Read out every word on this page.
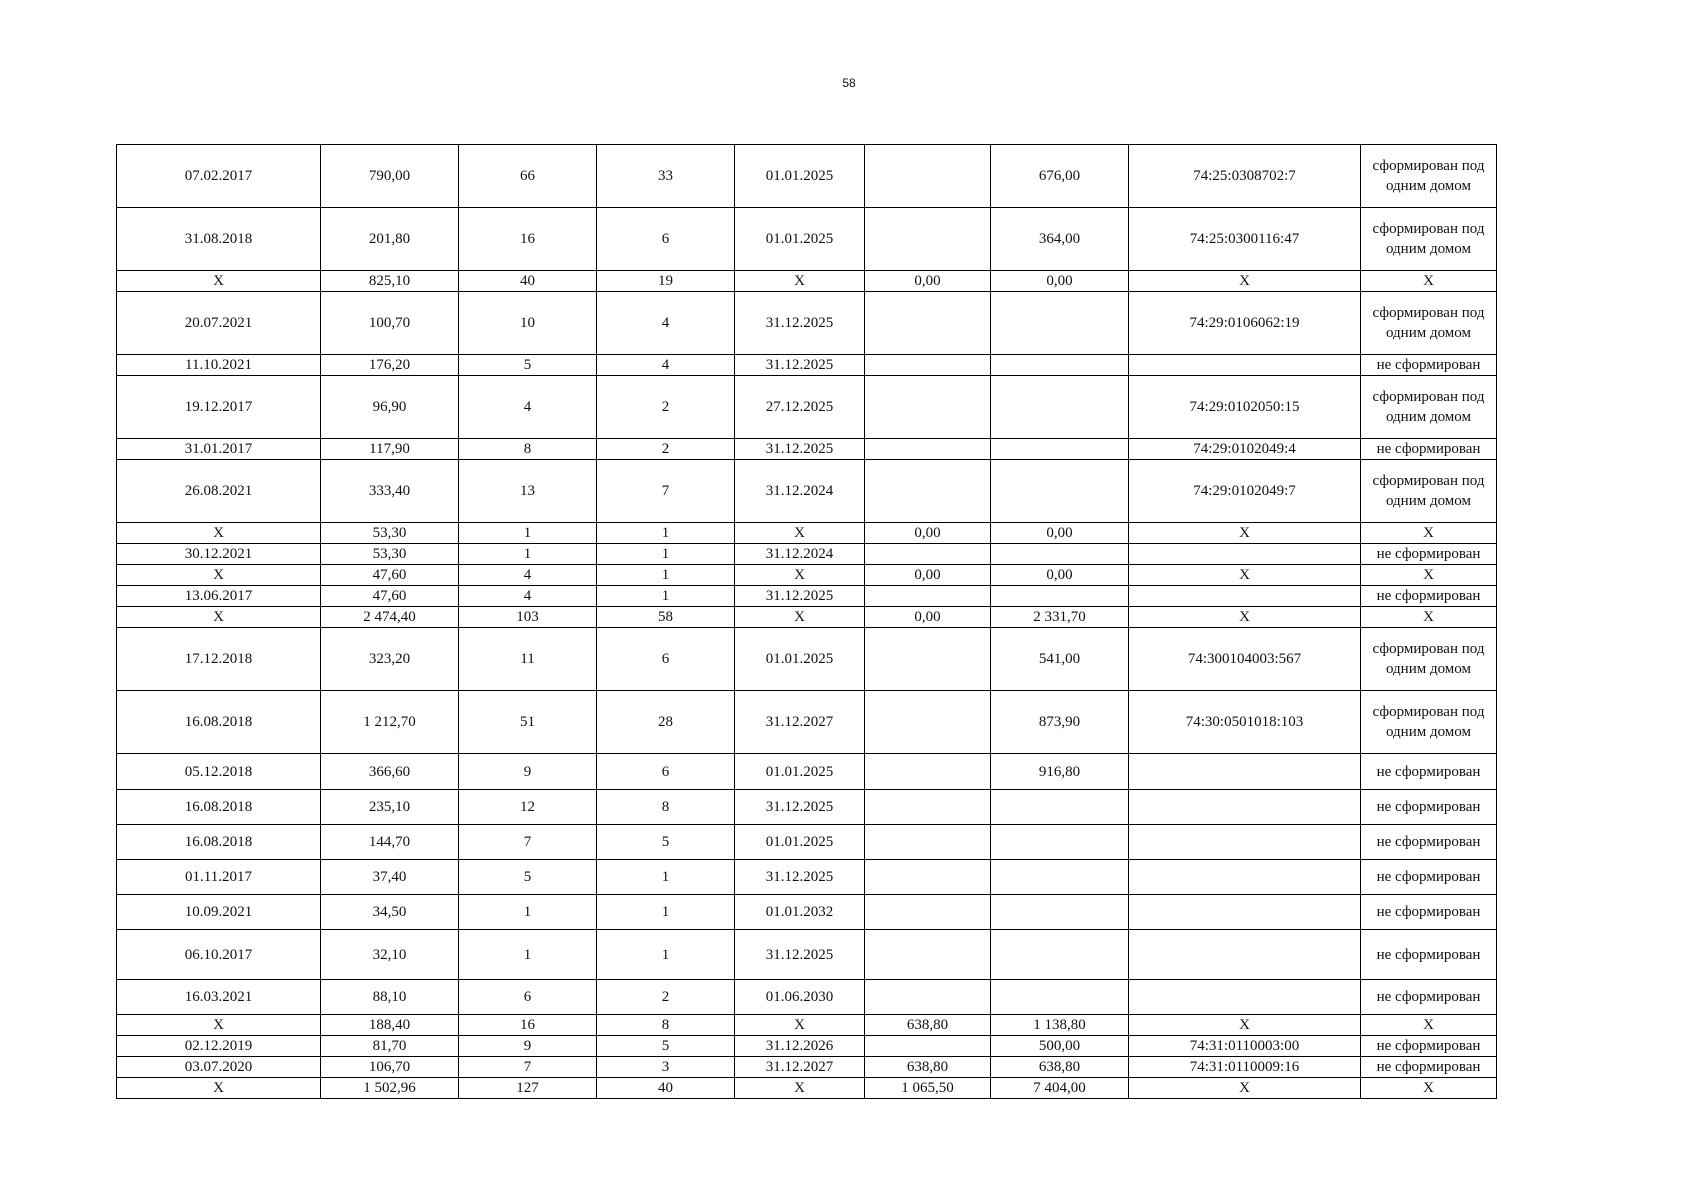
58
07.02.2017	790,00	66	33	01.01.2025		676,00	74:25:0308702:7	сформирован под одним домом
31.08.2018	201,80	16	6	01.01.2025		364,00	74:25:0300116:47	сформирован под одним домом
Х	825,10	40	19	Х	0,00	0,00	Х	Х
20.07.2021	100,70	10	4	31.12.2025			74:29:0106062:19	сформирован под одним домом
11.10.2021	176,20	5	4	31.12.2025				не сформирован
19.12.2017	96,90	4	2	27.12.2025			74:29:0102050:15	сформирован под одним домом
31.01.2017	117,90	8	2	31.12.2025			74:29:0102049:4	не сформирован
26.08.2021	333,40	13	7	31.12.2024			74:29:0102049:7	сформирован под одним домом
Х	53,30	1	1	Х	0,00	0,00	Х	Х
30.12.2021	53,30	1	1	31.12.2024				не сформирован
Х	47,60	4	1	Х	0,00	0,00	Х	Х
13.06.2017	47,60	4	1	31.12.2025				не сформирован
Х	2 474,40	103	58	Х	0,00	2 331,70	Х	Х
17.12.2018	323,20	11	6	01.01.2025		541,00	74:300104003:567	сформирован под одним домом
16.08.2018	1 212,70	51	28	31.12.2027		873,90	74:30:0501018:103	сформирован под одним домом
05.12.2018	366,60	9	6	01.01.2025		916,80		не сформирован
16.08.2018	235,10	12	8	31.12.2025				не сформирован
16.08.2018	144,70	7	5	01.01.2025				не сформирован
01.11.2017	37,40	5	1	31.12.2025				не сформирован
10.09.2021	34,50	1	1	01.01.2032				не сформирован
06.10.2017	32,10	1	1	31.12.2025				не сформирован
16.03.2021	88,10	6	2	01.06.2030				не сформирован
Х	188,40	16	8	Х	638,80	1 138,80	Х	Х
02.12.2019	81,70	9	5	31.12.2026		500,00	74:31:0110003:00	не сформирован
03.07.2020	106,70	7	3	31.12.2027	638,80	638,80	74:31:0110009:16	не сформирован
Х	1 502,96	127	40	Х	1 065,50	7 404,00	Х	Х
